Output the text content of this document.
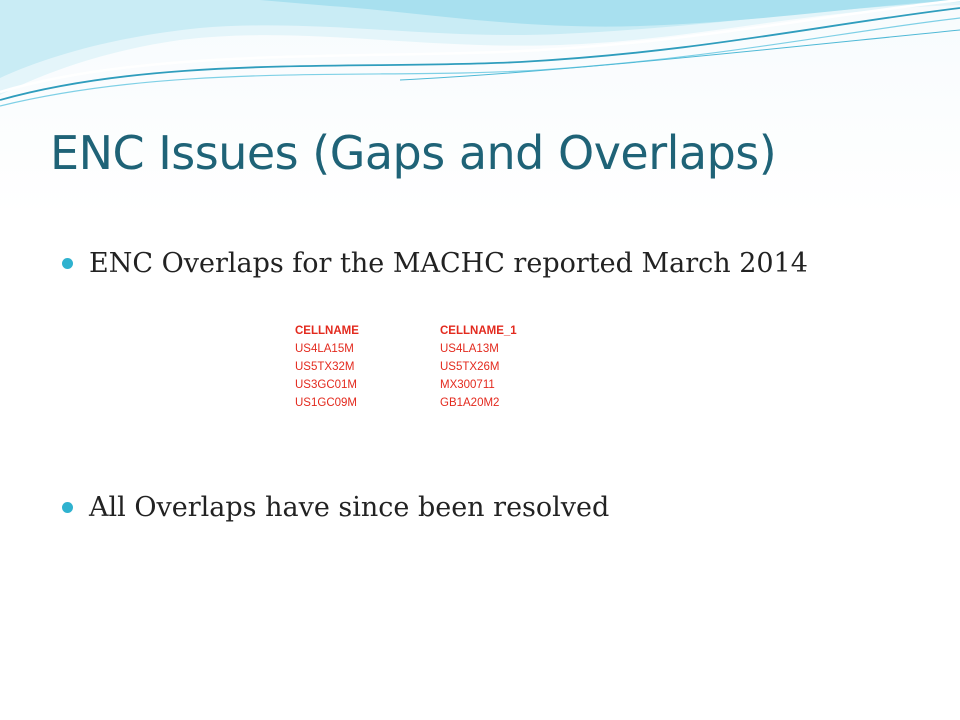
ENC Issues (Gaps and Overlaps)
ENC Overlaps for the MACHC reported March 2014
All Overlaps have since been resolved
CELLNAME	CELLNAME_1
US4LA15M	US4LA13M
US5TX32M	US5TX26M
US3GC01M	MX300711
US1GC09M	GB1A20M2
